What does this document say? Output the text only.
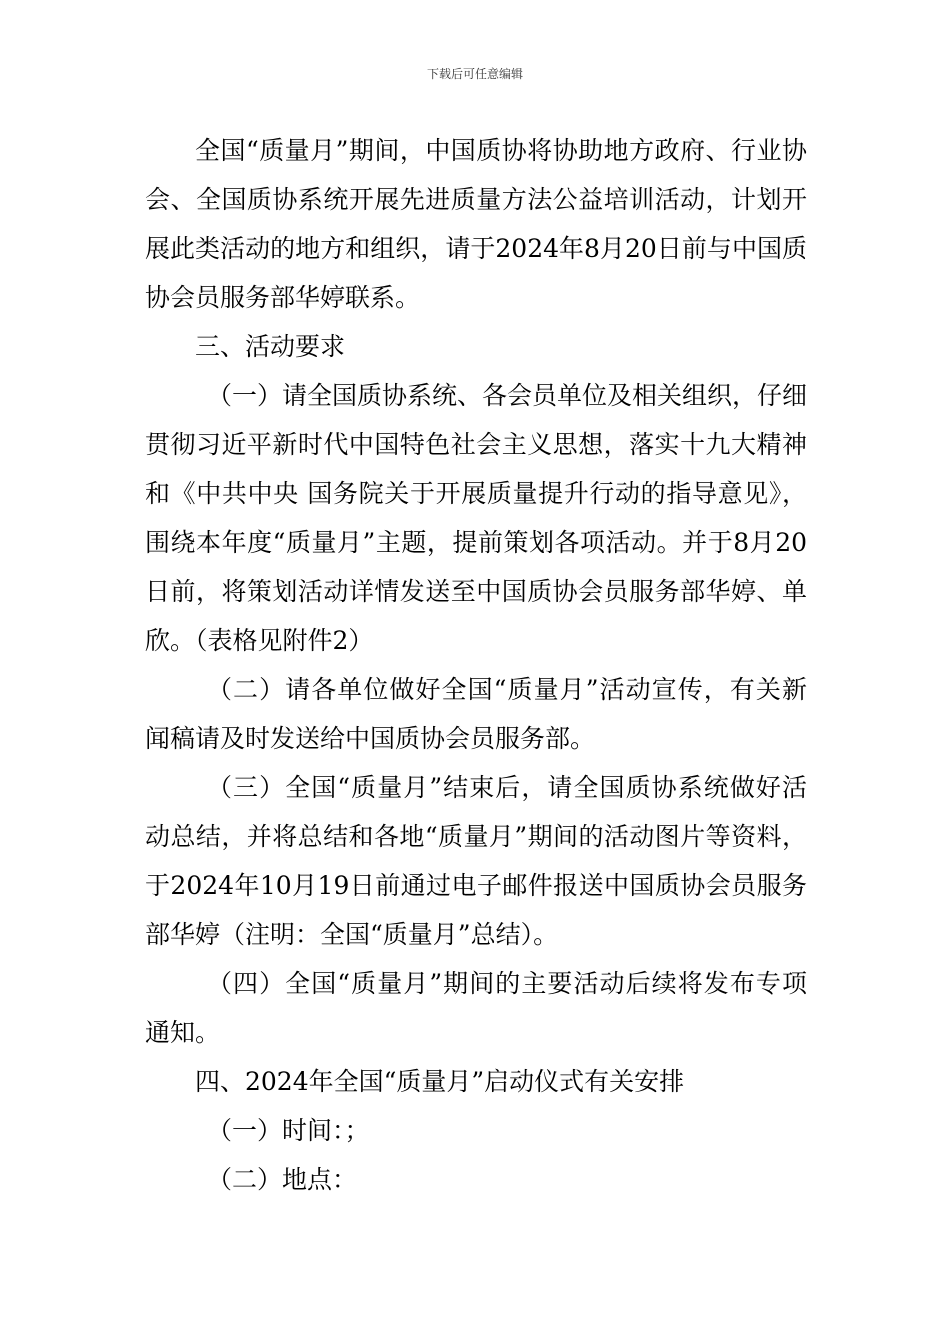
下载后可任意编辑

全国“质量月”期间，中国质协将协助地方政府、行业协会、全国质协系统开展先进质量方法公益培训活动，计划开展此类活动的地方和组织，请于2024年8月20日前与中国质协会员服务部华婷联系。

三、活动要求

（一）请全国质协系统、各会员单位及相关组织，仔细贯彻习近平新时代中国特色社会主义思想，落实十九大精神和《中共中央 国务院关于开展质量提升行动的指导意见》，围绕本年度“质量月”主题，提前策划各项活动。并于8月20日前，将策划活动详情发送至中国质协会员服务部华婷、单欣。（表格见附件2）

（二）请各单位做好全国“质量月”活动宣传，有关新闻稿请及时发送给中国质协会员服务部。

（三）全国“质量月”结束后，请全国质协系统做好活动总结，并将总结和各地“质量月”期间的活动图片等资料，于2024年10月19日前通过电子邮件报送中国质协会员服务部华婷（注明：全国“质量月”总结）。

（四）全国“质量月”期间的主要活动后续将发布专项通知。

四、2024年全国“质量月”启动仪式有关安排

（一）时间：；

（二）地点：
